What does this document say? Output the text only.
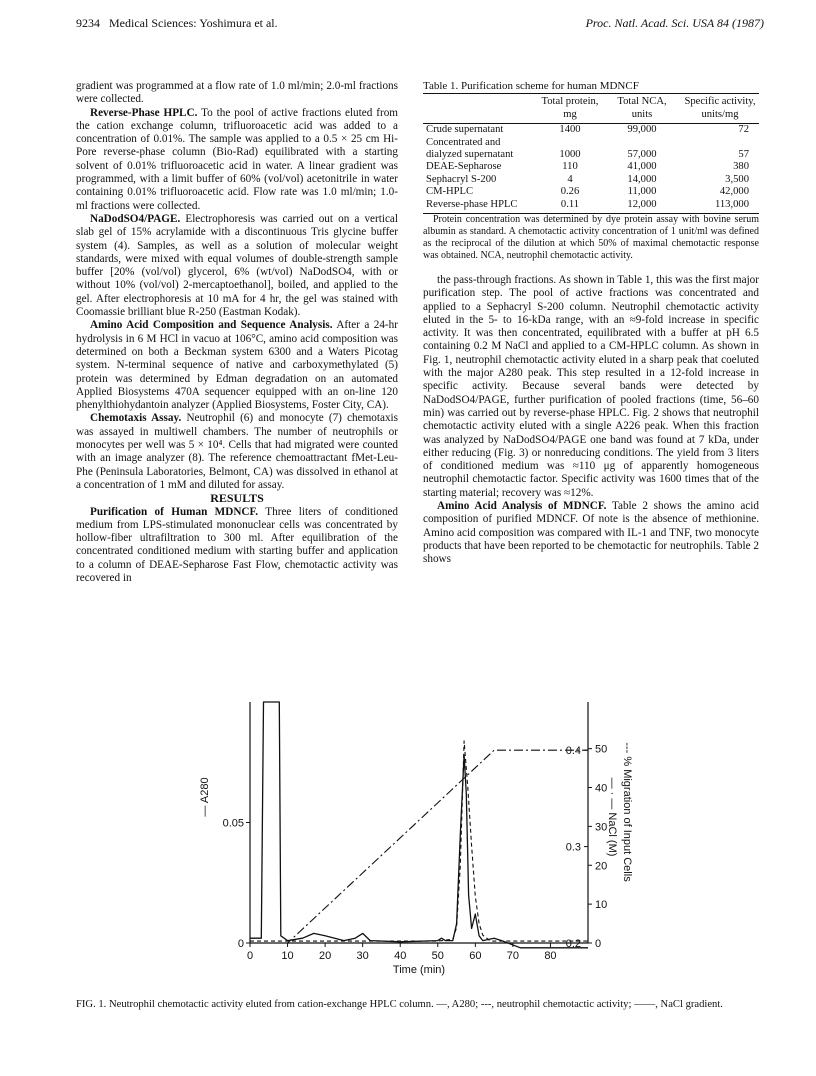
9234 Medical Sciences: Yoshimura et al.	Proc. Natl. Acad. Sci. USA 84 (1987)

gradient was programmed at a flow rate of 1.0 ml/min; 2.0-ml fractions were collected.

Reverse-Phase HPLC. To the pool of active fractions eluted from the cation exchange column, trifluoroacetic acid was added to a concentration of 0.01%. The sample was applied to a 0.5 × 25 cm Hi-Pore reverse-phase column (Bio-Rad) equilibrated with a starting solvent of 0.01% trifluoroacetic acid in water. A linear gradient was programmed, with a limit buffer of 60% (vol/vol) acetonitrile in water containing 0.01% trifluoroacetic acid. Flow rate was 1.0 ml/min; 1.0-ml fractions were collected.

NaDodSO4/PAGE. Electrophoresis was carried out on a vertical slab gel of 15% acrylamide with a discontinuous Tris glycine buffer system (4). Samples, as well as a solution of molecular weight standards, were mixed with equal volumes of double-strength sample buffer [20% (vol/vol) glycerol, 6% (wt/vol) NaDodSO4, with or without 10% (vol/vol) 2-mercaptoethanol], boiled, and applied to the gel. After electrophoresis at 10 mA for 4 hr, the gel was stained with Coomassie brilliant blue R-250 (Eastman Kodak).

Amino Acid Composition and Sequence Analysis. After a 24-hr hydrolysis in 6 M HCl in vacuo at 106°C, amino acid composition was determined on both a Beckman system 6300 and a Waters Picotag system. N-terminal sequence of native and carboxymethylated (5) protein was determined by Edman degradation on an automated Applied Biosystems 470A sequencer equipped with an on-line 120 phenylthiohydantoin analyzer (Applied Biosystems, Foster City, CA).

Chemotaxis Assay. Neutrophil (6) and monocyte (7) chemotaxis was assayed in multiwell chambers. The number of neutrophils or monocytes per well was 5 × 10⁴. Cells that had migrated were counted with an image analyzer (8). The reference chemoattractant fMet-Leu-Phe (Peninsula Laboratories, Belmont, CA) was dissolved in ethanol at a concentration of 1 mM and diluted for assay.

RESULTS

Purification of Human MDNCF. Three liters of conditioned medium from LPS-stimulated mononuclear cells was concentrated by hollow-fiber ultrafiltration to 300 ml. After equilibration of the concentrated conditioned medium with starting buffer and application to a column of DEAE-Sepharose Fast Flow, chemotactic activity was recovered in

Table 1. Purification scheme for human MDNCF

	Total protein, mg	Total NCA, units	Specific activity, units/mg
Crude supernatant	1400	99,000	72
Concentrated and			
dialyzed supernatant	1000	57,000	57
DEAE-Sepharose	110	41,000	380
Sephacryl S-200	4	14,000	3,500
CM-HPLC	0.26	11,000	42,000
Reverse-phase HPLC	0.11	12,000	113,000

Protein concentration was determined by dye protein assay with bovine serum albumin as standard. A chemotactic activity concentration of 1 unit/ml was defined as the reciprocal of the dilution at which 50% of maximal chemotactic response was obtained. NCA, neutrophil chemotactic activity.

the pass-through fractions. As shown in Table 1, this was the first major purification step. The pool of active fractions was concentrated and applied to a Sephacryl S-200 column. Neutrophil chemotactic activity eluted in the 5- to 16-kDa range, with an ≈9-fold increase in specific activity. It was then concentrated, equilibrated with a buffer at pH 6.5 containing 0.2 M NaCl and applied to a CM-HPLC column. As shown in Fig. 1, neutrophil chemotactic activity eluted in a sharp peak that coeluted with the major A280 peak. This step resulted in a 12-fold increase in specific activity. Because several bands were detected by NaDodSO4/PAGE, further purification of pooled fractions (time, 56–60 min) was carried out by reverse-phase HPLC. Fig. 2 shows that neutrophil chemotactic activity eluted with a single A226 peak. When this fraction was analyzed by NaDodSO4/PAGE one band was found at 7 kDa, under either reducing (Fig. 3) or nonreducing conditions. The yield from 3 liters of conditioned medium was ≈110 μg of apparently homogeneous neutrophil chemotactic factor. Specific activity was 1600 times that of the starting material; recovery was ≈12%.

Amino Acid Analysis of MDNCF. Table 2 shows the amino acid composition of purified MDNCF. Of note is the absence of methionine. Amino acid composition was compared with IL-1 and TNF, two monocyte products that have been reported to be chemotactic for neutrophils. Table 2 shows

0	10 20 30 40 50 60 70 80
Time (min)
0
0.05
— A280
0.2
0.3
0.4
0
10
20
30
40
50
— · — NaCl (M) --- % Migration of Input Cells
FIG. 1. Neutrophil chemotactic activity eluted from cation-exchange HPLC column. —, A280; ---, neutrophil chemotactic activity; ——, NaCl gradient.
